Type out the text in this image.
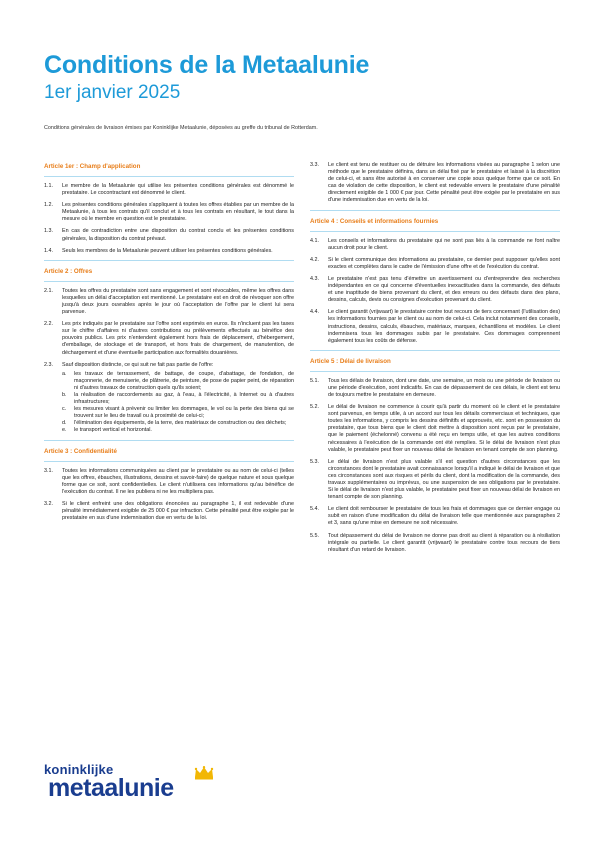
Conditions de la Metaalunie

1er janvier 2025

Conditions générales de livraison émises par Koninklijke Metaalunie, déposées au greffe du tribunal de Rotterdam.
Article 1er : Champ d'application
1.1.	Le membre de la Metaalunie qui utilise les présentes conditions générales est dénommé le prestataire. Le cocontractant est dénommé le client.
1.2.	Les présentes conditions générales s'appliquent à toutes les offres établies par un membre de la Metaalunie, à tous les contrats qu'il conclut et à tous les contrats en résultant, le tout dans la mesure où le membre en question est le prestataire.
1.3.	En cas de contradiction entre une disposition du contrat conclu et les présentes conditions générales, la disposition du contrat prévaut.
1.4.	Seuls les membres de la Metaalunie peuvent utiliser les présentes conditions générales.
Article 2 : Offres
2.1.	Toutes les offres du prestataire sont sans engagement et sont révocables, même les offres dans lesquelles un délai d'acceptation est mentionné. Le prestataire est en droit de révoquer son offre jusqu'à deux jours ouvrables après le jour où l'acceptation de l'offre par le client lui sera parvenue.
2.2.	Les prix indiqués par le prestataire sur l'offre sont exprimés en euros. Ils n'incluent pas les taxes sur le chiffre d'affaires ni d'autres contributions ou prélèvements effectués au bénéfice des pouvoirs publics. Les prix n'entendent également hors frais de déplacement, d'hébergement, d'emballage, de stockage et de transport, et hors frais de chargement, de manutention, de déchargement et d'une éventuelle participation aux formalités douanières.
2.3.	Sauf disposition distincte, ce qui suit ne fait pas partie de l'offre:
a.	les travaux de terrassement, de battage, de coupe, d'abattage, de fondation, de maçonnerie, de menuiserie, de plâtrerie, de peinture, de pose de papier peint, de réparation ni d'autres travaux de construction quels qu'ils soient;
b.	la réalisation de raccordements au gaz, à l'eau, à l'électricité, à Internet ou à d'autres infrastructures;
c.	les mesures visant à prévenir ou limiter les dommages, le vol ou la perte des biens qui se trouvent sur le lieu de travail ou à proximité de celui-ci;
d.	l'élimination des équipements, de la terre, des matériaux de construction ou des déchets;
e.	le transport vertical et horizontal.
Article 3 : Confidentialité
3.1.	Toutes les informations communiquées au client par le prestataire ou au nom de celui-ci (telles que les offres, ébauches, illustrations, dessins et savoir-faire) de quelque nature et sous quelque forme que ce soit, sont confidentielles. Le client n'utilisera ces informations qu'au bénéfice de l'exécution du contrat. Il ne les publiera ni ne les multipliera pas.
3.2.	Si le client enfreint une des obligations énoncées au paragraphe 1, il est redevable d'une pénalité immédiatement exigible de 25 000 € par infraction. Cette pénalité peut être exigée par le prestataire en sus d'une indemnisation due en vertu de la loi.
3.3.	Le client est tenu de restituer ou de détruire les informations visées au paragraphe 1 selon une méthode que le prestataire définira, dans un délai fixé par le prestataire et laissé à la discrétion de celui-ci, et sans être autorisé à en conserver une copie sous quelque forme que ce soit. En cas de violation de cette disposition, le client est redevable envers le prestataire d'une pénalité directement exigible de 1 000 € par jour. Cette pénalité peut être exigée par le prestataire en sus d'une indemnisation due en vertu de la loi.
Article 4 : Conseils et informations fournies
4.1.	Les conseils et informations du prestataire qui ne sont pas liés à la commande ne font naître aucun droit pour le client.
4.2.	Si le client communique des informations au prestataire, ce dernier peut supposer qu'elles sont exactes et complètes dans le cadre de l'émission d'une offre et de l'exécution du contrat.
4.3.	Le prestataire n'est pas tenu d'émettre un avertissement ou d'entreprendre des recherches indépendantes en ce qui concerne d'éventuelles inexactitudes dans la commande, des défauts et une inaptitude de biens provenant du client, et des erreurs ou des défauts dans des plans, dessins, calculs, devis ou consignes d'exécution provenant du client.
4.4.	Le client garantit (vrijwaart) le prestataire contre tout recours de tiers concernant (l'utilisation des) les informations fournies par le client ou au nom de celui-ci. Cela inclut notamment des conseils, instructions, dessins, calculs, ébauches, matériaux, marques, échantillons et modèles. Le client indemnisera tous les dommages subis par le prestataire. Ces dommages comprennent également tous les coûts de défense.
Article 5 : Délai de livraison
5.1.	Tous les délais de livraison, dont une date, une semaine, un mois ou une période de livraison ou une période d'exécution, sont indicatifs. En cas de dépassement de ces délais, le client est tenu de toujours mettre le prestataire en demeure.
5.2.	Le délai de livraison ne commence à courir qu'à partir du moment où le client et le prestataire sont parvenus, en temps utile, à un accord sur tous les détails commerciaux et techniques, que toutes les informations, y compris les dessins définitifs et approuvés, etc. sont en possession du prestataire, que tous biens que le client doit mettre à disposition sont reçus par le prestataire, que le paiement (échelonné) convenu a été reçu en temps utile, et que les autres conditions nécessaires à l'exécution de la commande ont été remplies. Si le délai de livraison n'est plus valable, le prestataire peut fixer un nouveau délai de livraison en tenant compte de son planning.
5.3.	Le délai de livraison n'est plus valable s'il est question d'autres circonstances que les circonstances dont le prestataire avait connaissance lorsqu'il a indiqué le délai de livraison et que ces circonstances sont aux risques et périls du client, dont la modification de la commande, des travaux supplémentaires ou imprévus, ou une suspension de ses obligations par le prestataire. Si le délai de livraison n'est plus valable, le prestataire peut fixer un nouveau délai de livraison en tenant compte de son planning.
5.4.	Le client doit rembourser le prestataire de tous les frais et dommages que ce dernier engage ou subit en raison d'une modification du délai de livraison telle que mentionnée aux paragraphes 2 et 3, sans qu'une mise en demeure ne soit nécessaire.
5.5.	Tout dépassement du délai de livraison ne donne pas droit au client à réparation ou à résiliation intégrale ou partielle. Le client garantit (vrijwaart) le prestataire contre tous recours de tiers résultant d'un retard de livraison.
koninklijke
metaalunie
